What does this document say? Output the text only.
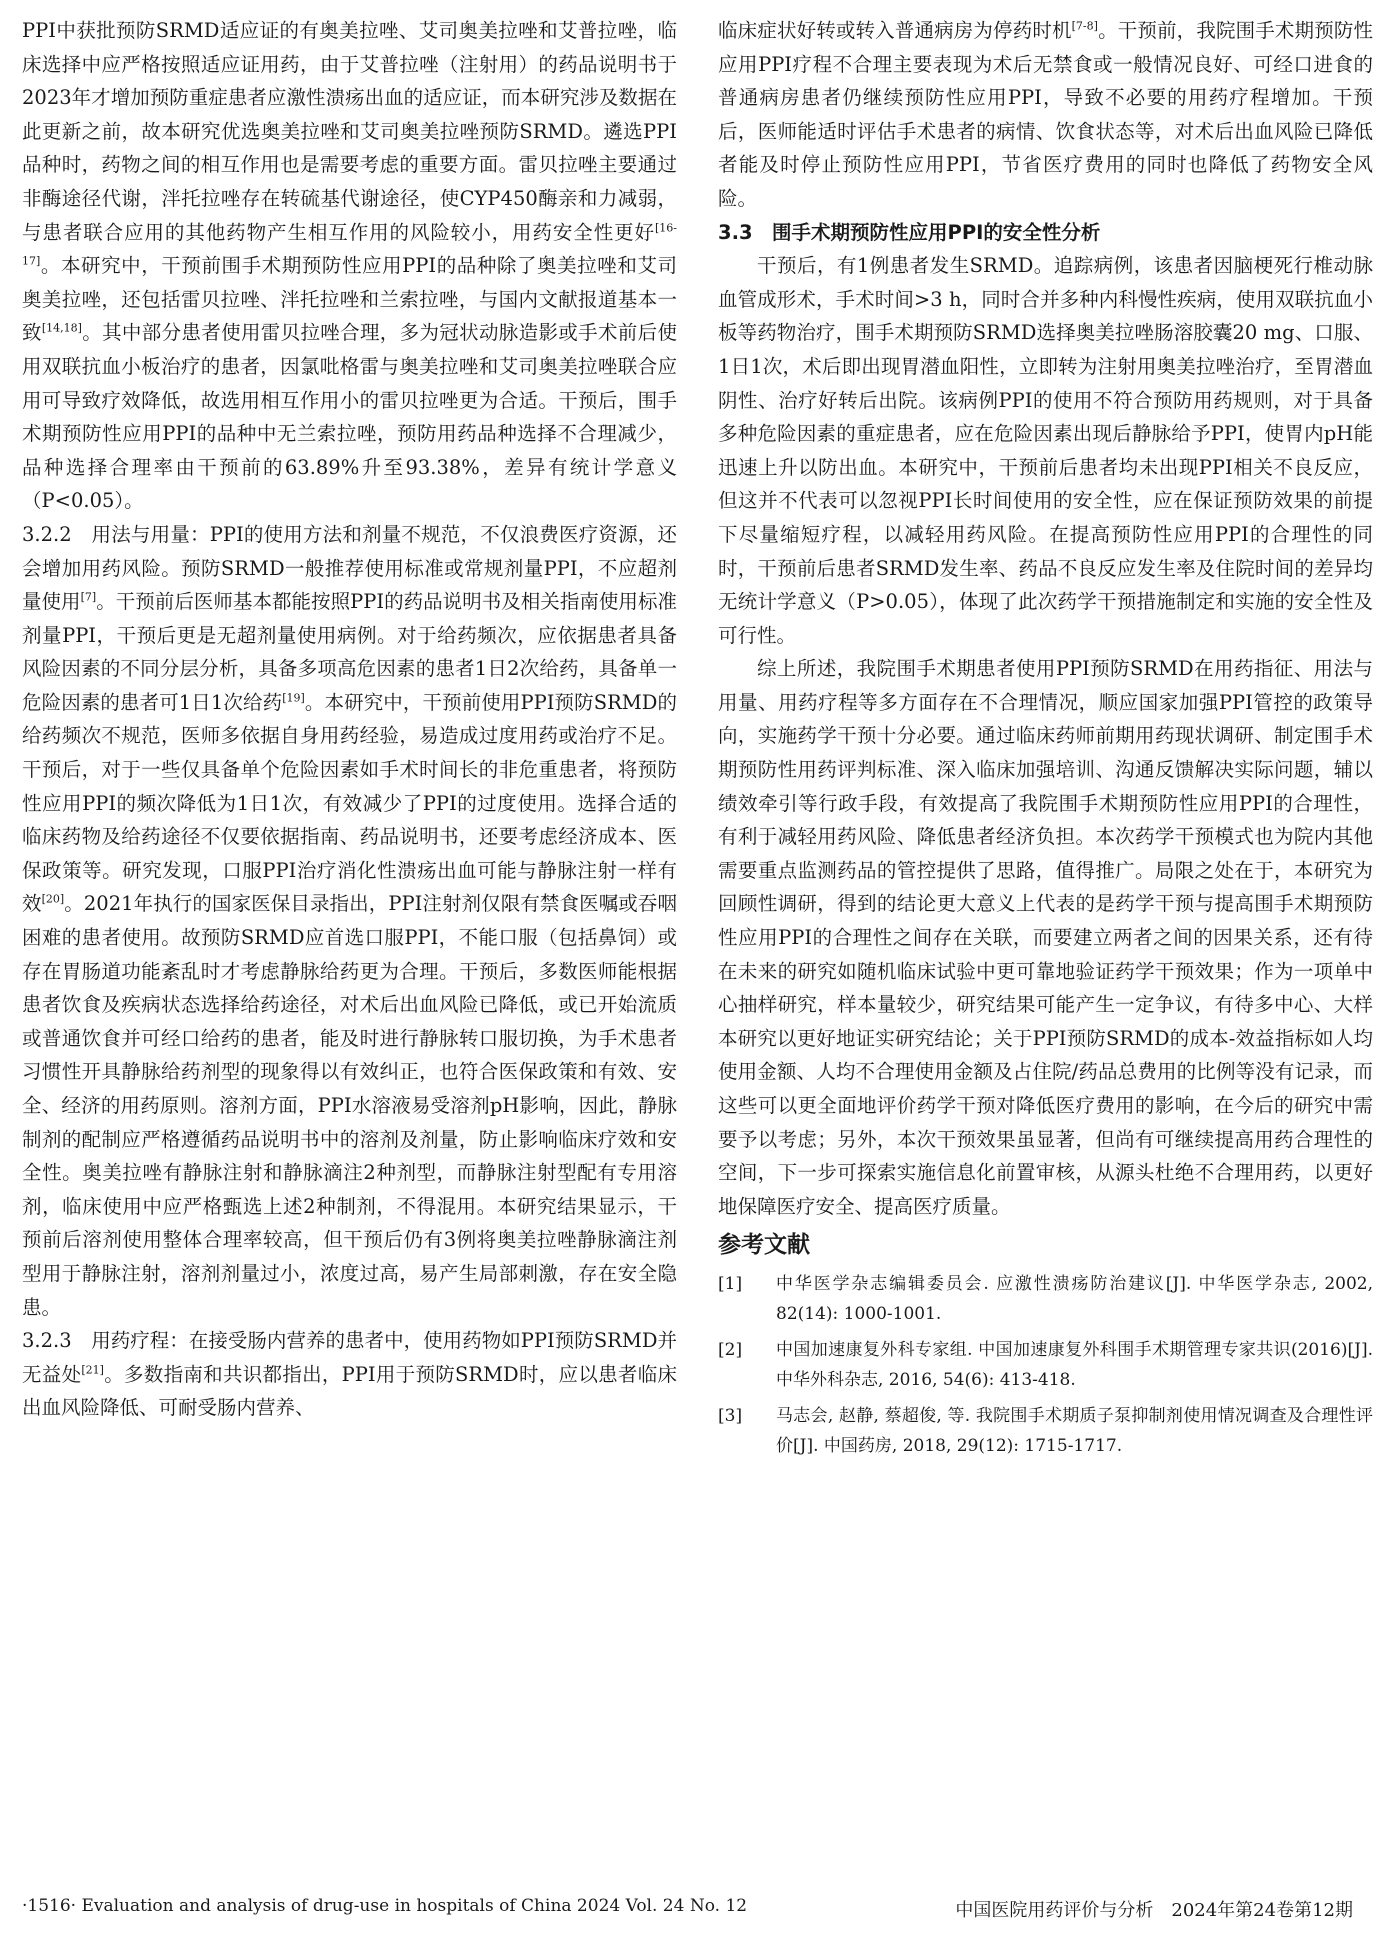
PPI中获批预防SRMD适应证的有奥美拉唑、艾司奥美拉唑和艾普拉唑，临床选择中应严格按照适应证用药，由于艾普拉唑（注射用）的药品说明书于2023年才增加预防重症患者应激性溃疡出血的适应证，而本研究涉及数据在此更新之前，故本研究优选奥美拉唑和艾司奥美拉唑预防SRMD。遴选PPI品种时，药物之间的相互作用也是需要考虑的重要方面。雷贝拉唑主要通过非酶途径代谢，泮托拉唑存在转硫基代谢途径，使CYP450酶亲和力减弱，与患者联合应用的其他药物产生相互作用的风险较小，用药安全性更好[16-17]。本研究中，干预前围手术期预防性应用PPI的品种除了奥美拉唑和艾司奥美拉唑，还包括雷贝拉唑、泮托拉唑和兰索拉唑，与国内文献报道基本一致[14,18]。其中部分患者使用雷贝拉唑合理，多为冠状动脉造影或手术前后使用双联抗血小板治疗的患者，因氯吡格雷与奥美拉唑和艾司奥美拉唑联合应用可导致疗效降低，故选用相互作用小的雷贝拉唑更为合适。干预后，围手术期预防性应用PPI的品种中无兰索拉唑，预防用药品种选择不合理减少，品种选择合理率由干预前的63.89%升至93.38%，差异有统计学意义（P<0.05）。

3.2.2　 用法与用量：PPI的使用方法和剂量不规范，不仅浪费医疗资源，还会增加用药风险。预防SRMD一般推荐使用标准或常规剂量PPI，不应超剂量使用[7]。干预前后医师基本都能按照PPI的药品说明书及相关指南使用标准剂量PPI，干预后更是无超剂量使用病例。对于给药频次，应依据患者具备风险因素的不同分层分析，具备多项高危因素的患者1日2次给药，具备单一危险因素的患者可1日1次给药[19]。本研究中，干预前使用PPI预防SRMD的给药频次不规范，医师多依据自身用药经验，易造成过度用药或治疗不足。干预后，对于一些仅具备单个危险因素如手术时间长的非危重患者，将预防性应用PPI的频次降低为1日1次，有效减少了PPI的过度使用。选择合适的临床药物及给药途径不仅要依据指南、药品说明书，还要考虑经济成本、医保政策等。研究发现，口服PPI治疗消化性溃疡出血可能与静脉注射一样有效[20]。2021年执行的国家医保目录指出，PPI注射剂仅限有禁食医嘱或吞咽困难的患者使用。故预防SRMD应首选口服PPI，不能口服（包括鼻饲）或存在胃肠道功能紊乱时才考虑静脉给药更为合理。干预后，多数医师能根据患者饮食及疾病状态选择给药途径，对术后出血风险已降低，或已开始流质或普通饮食并可经口给药的患者，能及时进行静脉转口服切换，为手术患者习惯性开具静脉给药剂型的现象得以有效纠正，也符合医保政策和有效、安全、经济的用药原则。溶剂方面，PPI水溶液易受溶剂pH影响，因此，静脉制剂的配制应严格遵循药品说明书中的溶剂及剂量，防止影响临床疗效和安全性。奥美拉唑有静脉注射和静脉滴注2种剂型，而静脉注射型配有专用溶剂，临床使用中应严格甄选上述2种制剂，不得混用。本研究结果显示，干预前后溶剂使用整体合理率较高，但干预后仍有3例将奥美拉唑静脉滴注剂型用于静脉注射，溶剂剂量过小，浓度过高，易产生局部刺激，存在安全隐患。

3.2.3　 用药疗程：在接受肠内营养的患者中，使用药物如PPI预防SRMD并无益处[21]。多数指南和共识都指出，PPI用于预防SRMD时，应以患者临床出血风险降低、可耐受肠内营养、

临床症状好转或转入普通病房为停药时机[7-8]。干预前，我院围手术期预防性应用PPI疗程不合理主要表现为术后无禁食或一般情况良好、可经口进食的普通病房患者仍继续预防性应用PPI，导致不必要的用药疗程增加。干预后，医师能适时评估手术患者的病情、饮食状态等，对术后出血风险已降低者能及时停止预防性应用PPI，节省医疗费用的同时也降低了药物安全风险。

3.3　围手术期预防性应用PPI的安全性分析

干预后，有1例患者发生SRMD。追踪病例，该患者因脑梗死行椎动脉血管成形术，手术时间>3 h，同时合并多种内科慢性疾病，使用双联抗血小板等药物治疗，围手术期预防SRMD选择奥美拉唑肠溶胶囊20 mg、口服、1日1次，术后即出现胃潜血阳性，立即转为注射用奥美拉唑治疗，至胃潜血阴性、治疗好转后出院。该病例PPI的使用不符合预防用药规则，对于具备多种危险因素的重症患者，应在危险因素出现后静脉给予PPI，使胃内pH能迅速上升以防出血。本研究中，干预前后患者均未出现PPI相关不良反应，但这并不代表可以忽视PPI长时间使用的安全性，应在保证预防效果的前提下尽量缩短疗程，以减轻用药风险。在提高预防性应用PPI的合理性的同时，干预前后患者SRMD发生率、药品不良反应发生率及住院时间的差异均无统计学意义（P>0.05），体现了此次药学干预措施制定和实施的安全性及可行性。

综上所述，我院围手术期患者使用PPI预防SRMD在用药指征、用法与用量、用药疗程等多方面存在不合理情况，顺应国家加强PPI管控的政策导向，实施药学干预十分必要。通过临床药师前期用药现状调研、制定围手术期预防性用药评判标准、深入临床加强培训、沟通反馈解决实际问题，辅以绩效牵引等行政手段，有效提高了我院围手术期预防性应用PPI的合理性，有利于减轻用药风险、降低患者经济负担。本次药学干预模式也为院内其他需要重点监测药品的管控提供了思路，值得推广。局限之处在于，本研究为回顾性调研，得到的结论更大意义上代表的是药学干预与提高围手术期预防性应用PPI的合理性之间存在关联，而要建立两者之间的因果关系，还有待在未来的研究如随机临床试验中更可靠地验证药学干预效果；作为一项单中心抽样研究，样本量较少，研究结果可能产生一定争议，有待多中心、大样本研究以更好地证实研究结论；关于PPI预防SRMD的成本-效益指标如人均使用金额、人均不合理使用金额及占住院/药品总费用的比例等没有记录，而这些可以更全面地评价药学干预对降低医疗费用的影响，在今后的研究中需要予以考虑；另外，本次干预效果虽显著，但尚有可继续提高用药合理性的空间，下一步可探索实施信息化前置审核，从源头杜绝不合理用药，以更好地保障医疗安全、提高医疗质量。

参考文献
[1]	中华医学杂志编辑委员会. 应激性溃疡防治建议[J]. 中华医学杂志, 2002, 82(14): 1000-1001.
[2]	中国加速康复外科专家组. 中国加速康复外科围手术期管理专家共识(2016)[J]. 中华外科杂志, 2016, 54(6): 413-418.
[3]	马志会, 赵静, 蔡超俊, 等. 我院围手术期质子泵抑制剂使用情况调查及合理性评价[J]. 中国药房, 2018, 29(12): 1715-1717.
·1516· Evaluation and analysis of drug-use in hospitals of China 2024 Vol. 24 No. 12	中国医院用药评价与分析　2024年第24卷第12期
